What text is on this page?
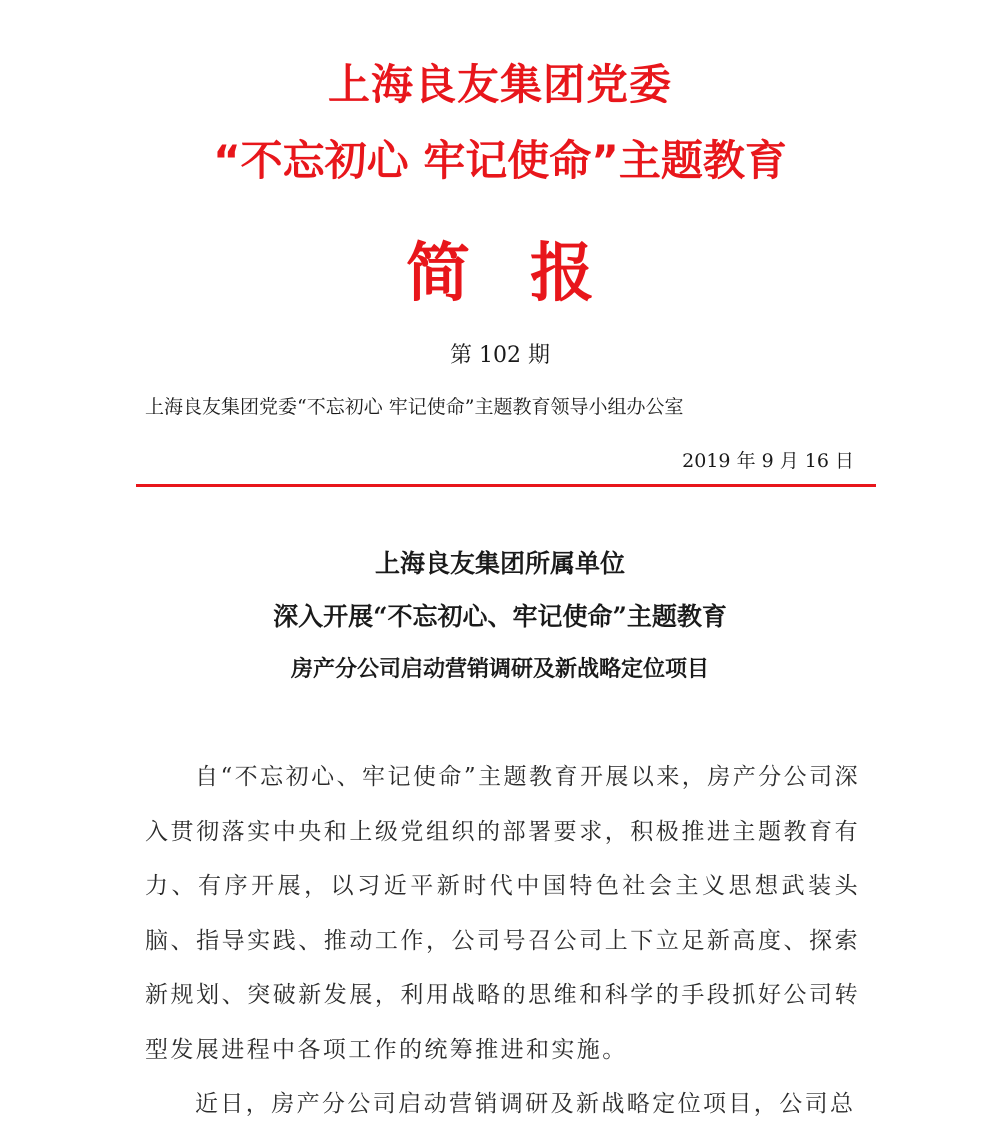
上海良友集团党委
“不忘初心 牢记使命”主题教育
简报

第 102 期

上海良友集团党委“不忘初心 牢记使命”主题教育领导小组办公室

2019 年 9 月 16 日

上海良友集团所属单位
深入开展“不忘初心、牢记使命”主题教育
房产分公司启动营销调研及新战略定位项目

自“不忘初心、牢记使命”主题教育开展以来，房产分公司深入贯彻落实中央和上级党组织的部署要求，积极推进主题教育有力、有序开展，以习近平新时代中国特色社会主义思想武装头脑、指导实践、推动工作，公司号召公司上下立足新高度、探索新规划、突破新发展，利用战略的思维和科学的手段抓好公司转型发展进程中各项工作的统筹推进和实施。

近日，房产分公司启动营销调研及新战略定位项目，公司总
